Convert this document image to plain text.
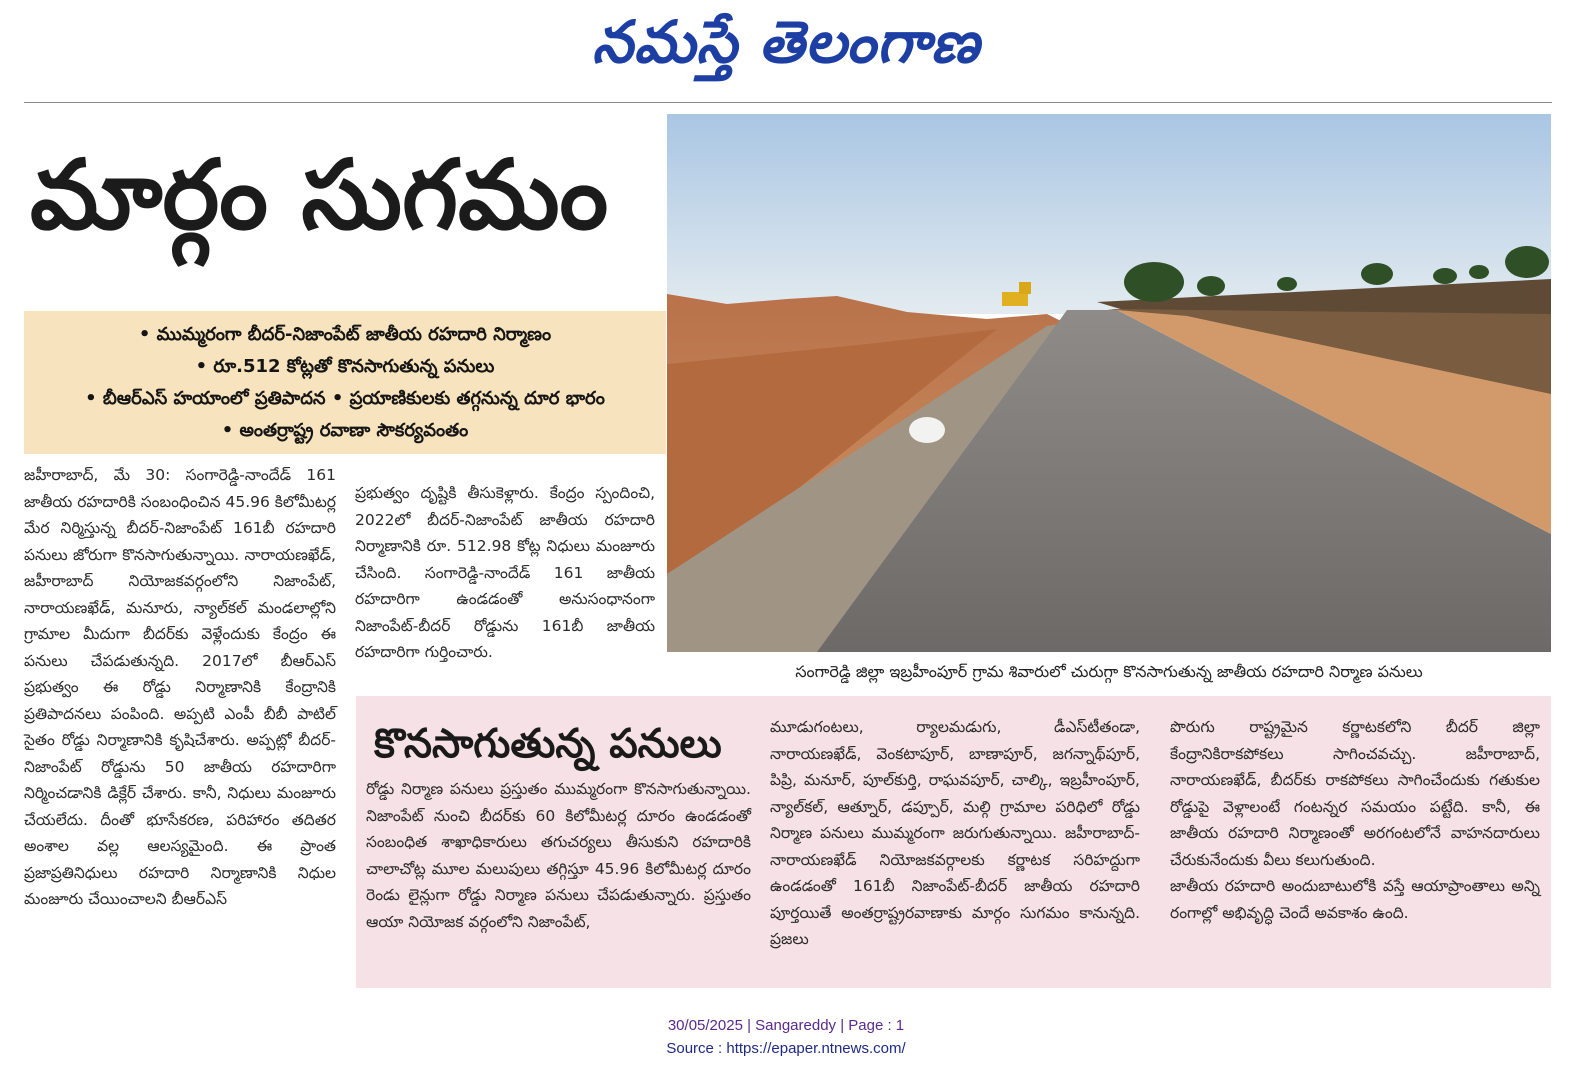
నమస్తే తెలంగాణ
మార్గం సుగమం
సంగారెడ్డి జిల్లా ఇబ్రహీంపూర్ గ్రామ శివారులో చురుగ్గా కొనసాగుతున్న జాతీయ రహదారి నిర్మాణ పనులు
• ముమ్మరంగా బీదర్-నిజాంపేట్ జాతీయ రహదారి నిర్మాణం
• రూ.512 కోట్లతో కొనసాగుతున్న పనులు
• బీఆర్ఎస్ హయాంలో ప్రతిపాదన • ప్రయాణికులకు తగ్గనున్న దూర భారం
• అంతర్రాష్ట్ర రవాణా సౌకర్యవంతం

జహీరాబాద్, మే 30: సంగారెడ్డి-నాందేడ్ 161 జాతీయ రహదారికి సంబంధించిన 45.96 కిలోమీటర్ల మేర నిర్మిస్తున్న బీదర్-నిజాంపేట్ 161బీ రహదారి పనులు జోరుగా కొనసాగుతున్నాయి. నారాయణఖేడ్, జహీరాబాద్ నియోజకవర్గంలోని నిజాంపేట్, నారాయణఖేడ్, మనూరు, న్యాల్‌కల్ మండలాల్లోని గ్రామాల మీదుగా బీదర్‌కు వెళ్లేందుకు కేంద్రం ఈ పనులు చేపడుతున్నది. 2017లో బీఆర్ఎస్ ప్రభుత్వం ఈ రోడ్డు నిర్మాణానికి కేంద్రానికి ప్రతిపాదనలు పంపింది. అప్పటి ఎంపీ బీబీ పాటిల్ సైతం రోడ్డు నిర్మాణానికి కృషిచేశారు. అప్పట్లో బీదర్-నిజాంపేట్ రోడ్డును 50 జాతీయ రహదారిగా నిర్మించడానికి డిక్లేర్ చేశారు. కానీ, నిధులు మంజూరు చేయలేదు. దీంతో భూసేకరణ, పరిహారం తదితర అంశాల వల్ల ఆలస్యమైంది. ఈ ప్రాంత ప్రజాప్రతినిధులు రహదారి నిర్మాణానికి నిధుల మంజూరు చేయించాలని బీఆర్ఎస్

ప్రభుత్వం దృష్టికి తీసుకెళ్లారు. కేంద్రం స్పందించి, 2022లో బీదర్-నిజాంపేట్ జాతీయ రహదారి నిర్మాణానికి రూ. 512.98 కోట్ల నిధులు మంజూరు చేసింది. సంగారెడ్డి-నాందేడ్ 161 జాతీయ రహదారిగా ఉండడంతో అనుసంధానంగా నిజాంపేట్-బీదర్ రోడ్డును 161బీ జాతీయ రహదారిగా గుర్తించారు.

కొనసాగుతున్న పనులు

రోడ్డు నిర్మాణ పనులు ప్రస్తుతం ముమ్మరంగా కొనసాగుతున్నాయి. నిజాంపేట్ నుంచి బీదర్‌కు 60 కిలోమీటర్ల దూరం ఉండడంతో సంబంధిత శాఖాధికారులు తగుచర్యలు తీసుకుని రహదారికి చాలాచోట్ల మూల మలుపులు తగ్గిస్తూ 45.96 కిలోమీటర్ల దూరం రెండు లైన్లుగా రోడ్డు నిర్మాణ పనులు చేపడుతున్నారు. ప్రస్తుతం ఆయా నియోజక వర్గంలోని నిజాంపేట్,

మూడుగంటలు, ర్యాలమడుగు, డీఎస్‌టీతండా, నారాయణఖేడ్, వెంకటాపూర్, బాణాపూర్, జగన్నాథ్‌పూర్, పిప్రి, మనూర్, పూల్‌కుర్తి, రాఘవపూర్, చాల్కి, ఇబ్రహీంపూర్, న్యాల్‌కల్, ఆత్నూర్, డప్పూర్, మల్గి గ్రామాల పరిధిలో రోడ్డు నిర్మాణ పనులు ముమ్మరంగా జరుగుతున్నాయి. జహీరాబాద్-నారాయణఖేడ్ నియోజకవర్గాలకు కర్ణాటక సరిహద్దుగా ఉండడంతో 161బీ నిజాంపేట్-బీదర్ జాతీయ రహదారి పూర్తయితే అంతర్రాష్ట్రరవాణాకు మార్గం సుగమం కానున్నది. ప్రజలు

పొరుగు రాష్ట్రమైన కర్ణాటకలోని బీదర్ జిల్లా కేంద్రానికిరాకపోకలు సాగించవచ్చు. జహీరాబాద్, నారాయణఖేడ్, బీదర్‌కు రాకపోకలు సాగించేందుకు గతుకుల రోడ్డుపై వెళ్లాలంటే గంటన్నర సమయం పట్టేది. కానీ, ఈ జాతీయ రహదారి నిర్మాణంతో అరగంటలోనే వాహనదారులు చేరుకునేందుకు వీలు కలుగుతుంది.

జాతీయ రహదారి అందుబాటులోకి వస్తే ఆయాప్రాంతాలు అన్ని రంగాల్లో అభివృద్ధి చెందే అవకాశం ఉంది.

30/05/2025 | Sangareddy | Page : 1
Source : https://epaper.ntnews.com/
